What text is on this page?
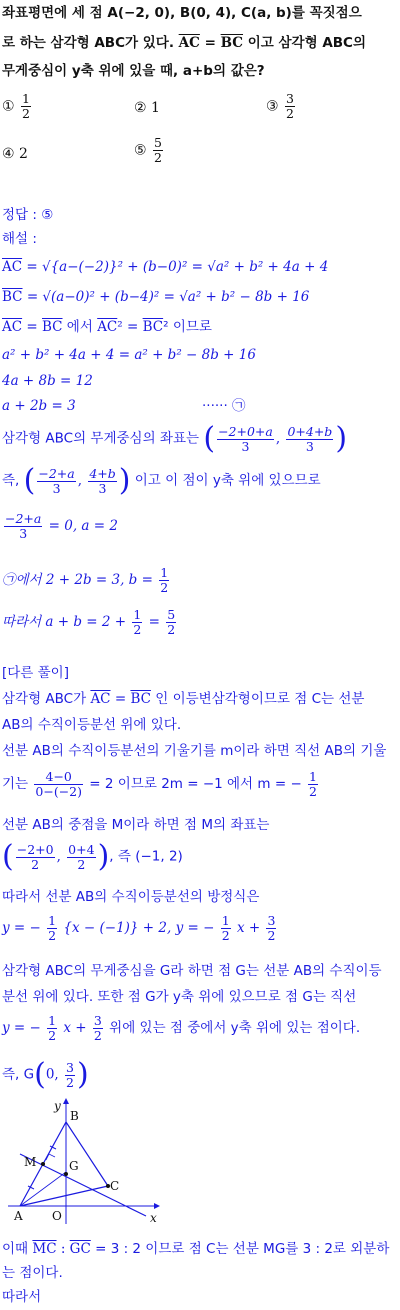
좌표평면에 세 점 A(−2, 0), B(0, 4), C(a, b)를 꼭짓점으
로 하는 삼각형 ABC가 있다. $\overline{AC} = \overline{BC}$ 이고 삼각형 ABC의
무게중심이 y축 위에 있을 때, a+b의 값은?
① $\frac{1}{2}$	② 1	③ $\frac{3}{2}$
④ 2	⑤ $\frac{5}{2}$
정답 : ⑤
해설 :
$\overline{AC} = √\{a-(-2)\}^2 + (b-0)^2 = √a^2 + b^2 + 4a + 4$
$\overline{BC} = √(a-0)^2 + (b-4)^2 = √a^2 + b^2 - 8b + 16$
$\overline{AC} = \overline{BC}$ 에서 $\overline{AC}^2 = \overline{BC}^2$ 이므로
a² + b² + 4a + 4 = a² + b² − 8b + 16
4a + 8b = 12
a + 2b = 3	······ ㉠
삼각형 ABC의 무게중심의 좌표는 ( $\frac{-2+0+a}{3}$ , $\frac{0+4+b}{3}$ )
즉, ( $\frac{-2+a}{3}$ , $\frac{4+b}{3}$ ) 이고 이 점이 y축 위에 있으므로
$\frac{-2+a}{3} = 0$, a = 2
㉠에서 2 + 2b = 3, $b = \frac{1}{2}$
따라서 $a + b = 2 + \frac{1}{2} = \frac{5}{2}$
[다른 풀이]
삼각형 ABC가 $\overline{AC} = \overline{BC}$ 인 이등변삼각형이므로 점 C는 선분
AB의 수직이등분선 위에 있다.
선분 AB의 수직이등분선의 기울기를 m이라 하면 직선 AB의 기울
기는 $\frac{4-0}{0-(-2)} = 2$ 이므로 2m = −1 에서 m = − $\frac{1}{2}$
선분 AB의 중점을 M이라 하면 점 M의 좌표는
( $\frac{-2+0}{2}$ , $\frac{0+4}{2}$ ), 즉 (−1, 2)
따라서 선분 AB의 수직이등분선의 방정식은
y = − $\frac{1}{2} \{x - (-1)\} + 2$, y = − $\frac{1}{2}$ $x + \frac{3}{2}$
삼각형 ABC의 무게중심을 G라 하면 점 G는 선분 AB의 수직이등
분선 위에 있다. 또한 점 G가 y축 위에 있으므로 점 G는 직선
y = − $\frac{1}{2}$ $x + \frac{3}{2}$ 위에 있는 점 중에서 y축 위에 있는 점이다.
즉, G(0, $\frac{3}{2}$ )
A
B
C
G
M
O	x
y
이때 $\overline{MC}$ : $\overline{GC} = 3$ : 2 이므로 점 C는 선분 MG를 3 : 2로 외분하
는 점이다.
따라서
